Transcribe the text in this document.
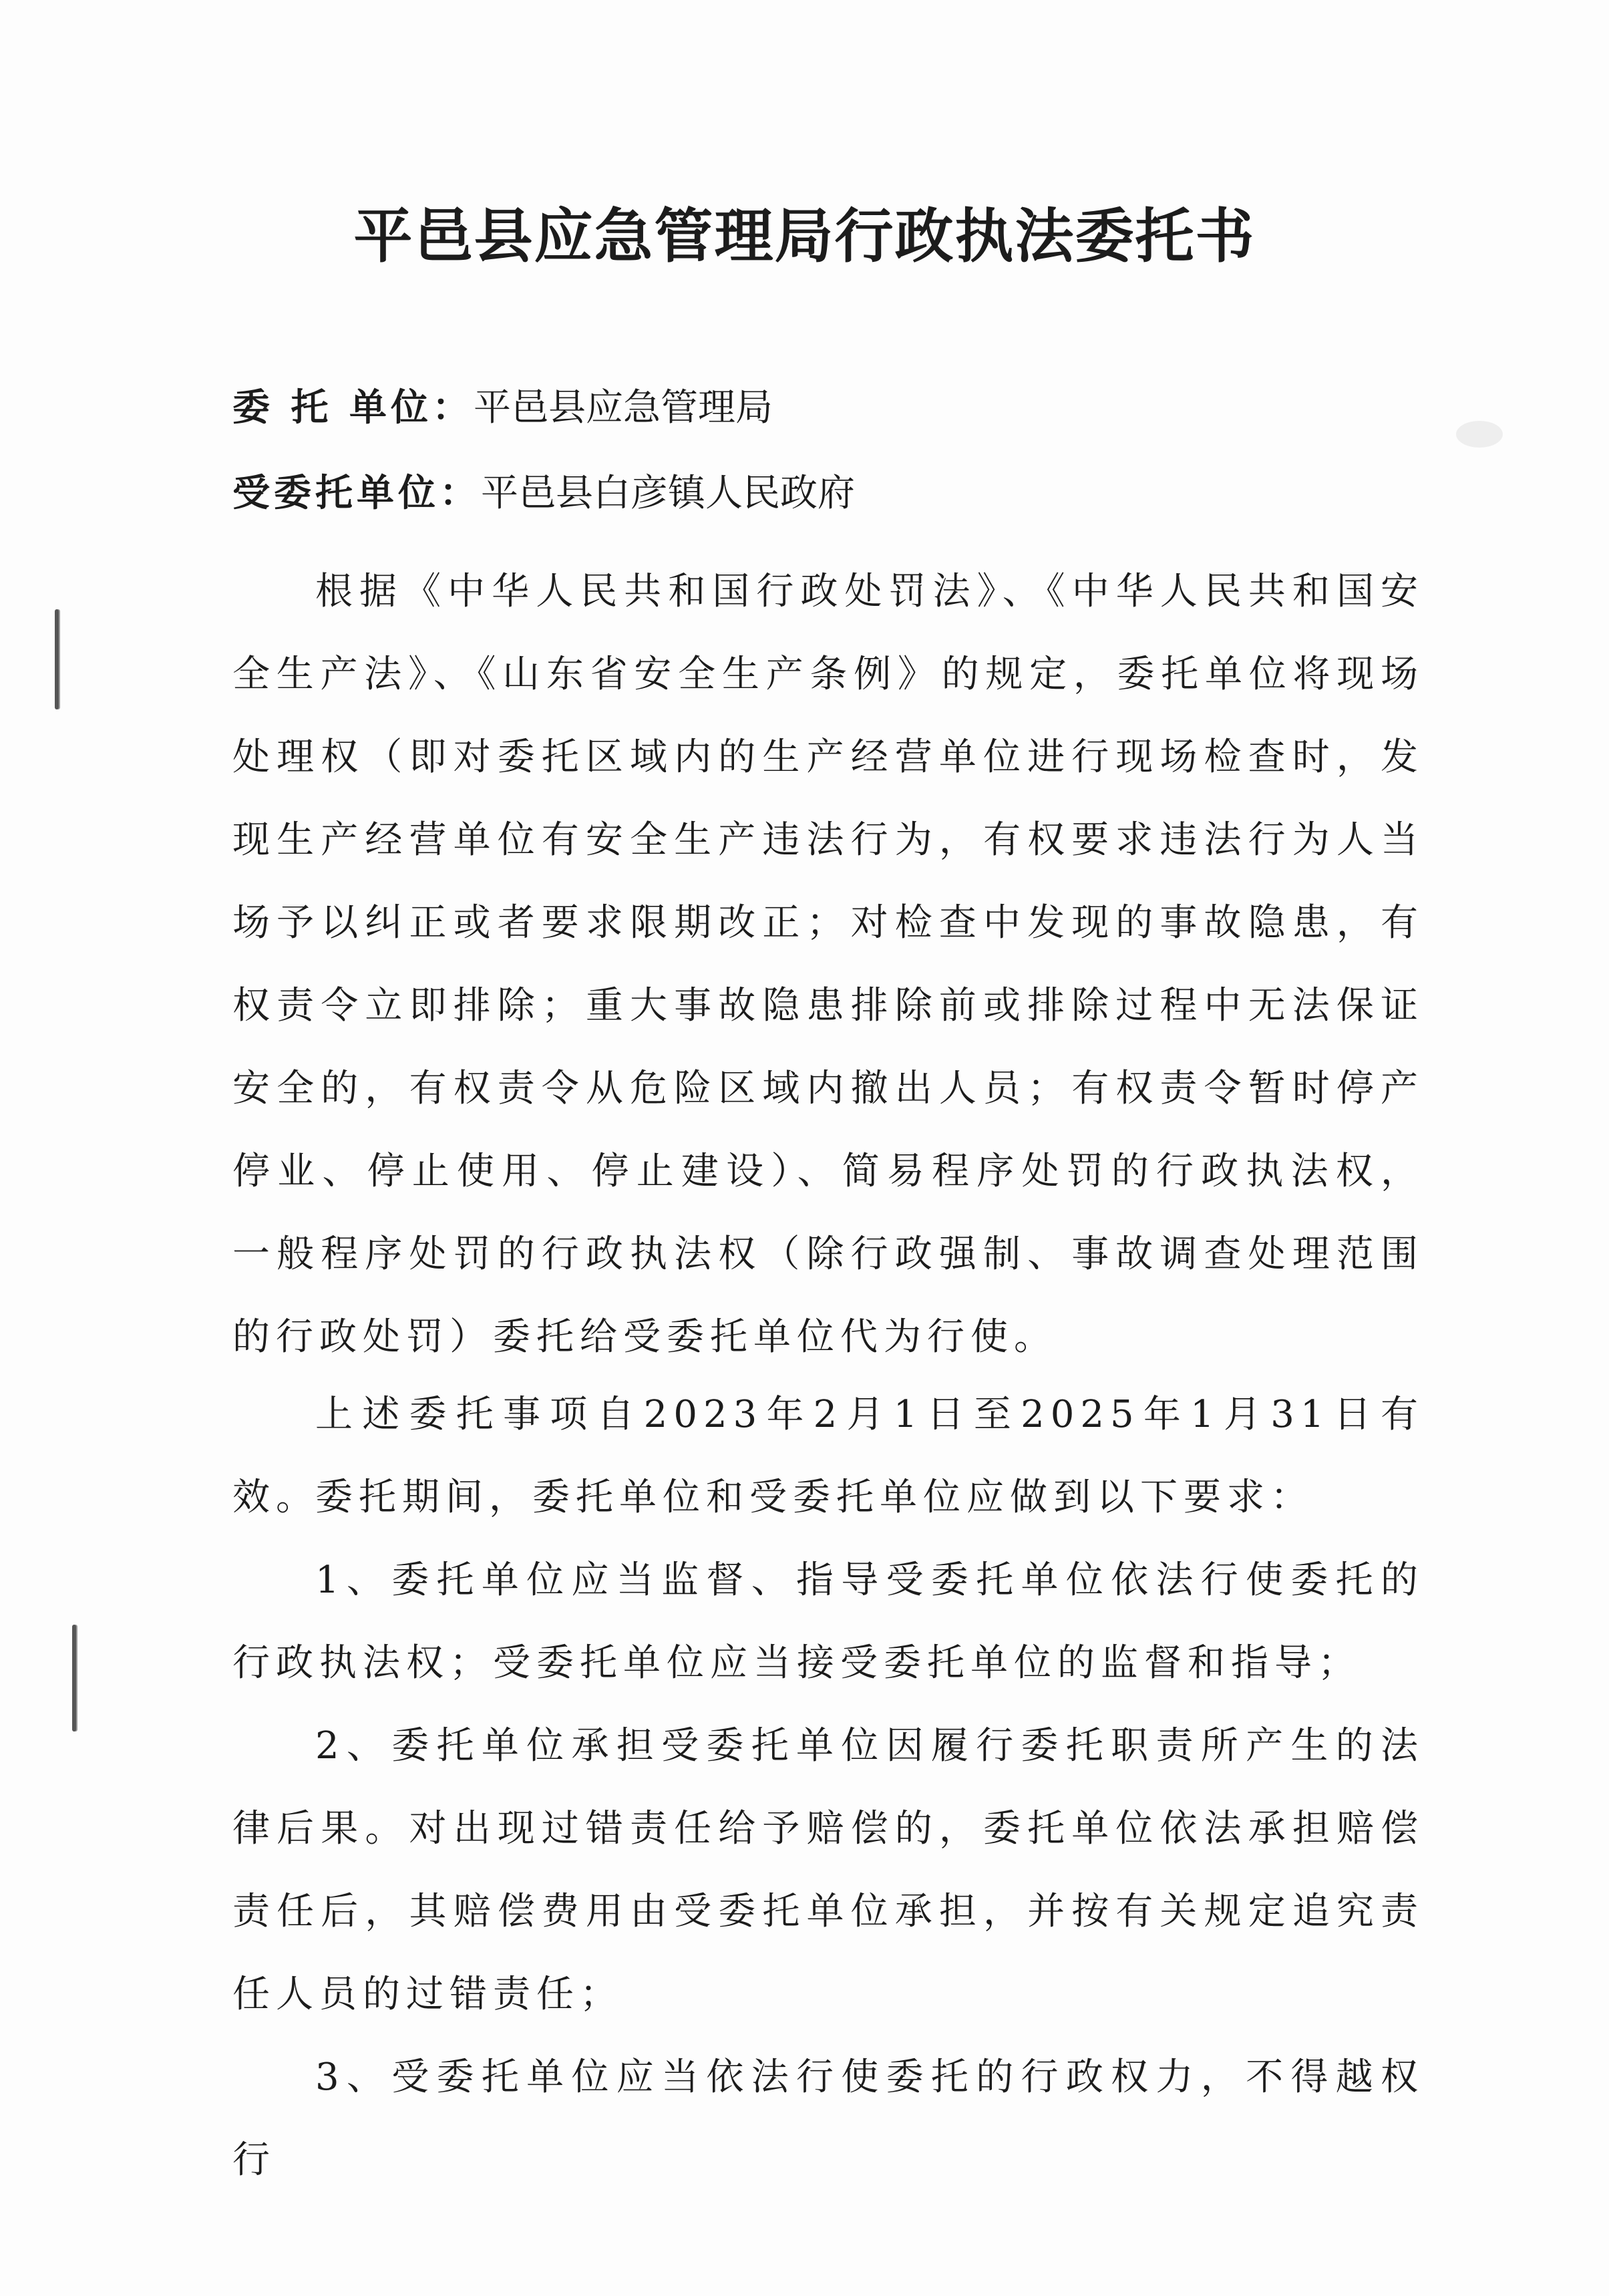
平邑县应急管理局行政执法委托书
委 托 单位：平邑县应急管理局
受委托单位：平邑县白彦镇人民政府

根据《中华人民共和国行政处罚法》、《中华人民共和国安全生产法》、《山东省安全生产条例》的规定，委托单位将现场处理权（即对委托区域内的生产经营单位进行现场检查时，发现生产经营单位有安全生产违法行为，有权要求违法行为人当场予以纠正或者要求限期改正；对检查中发现的事故隐患，有权责令立即排除；重大事故隐患排除前或排除过程中无法保证安全的，有权责令从危险区域内撤出人员；有权责令暂时停产停业、停止使用、停止建设）、简易程序处罚的行政执法权，一般程序处罚的行政执法权（除行政强制、事故调查处理范围的行政处罚）委托给受委托单位代为行使。

上述委托事项自2023年2月1日至2025年1月31日有效。

委托期间，委托单位和受委托单位应做到以下要求：

1、委托单位应当监督、指导受委托单位依法行使委托的行政执法权；受委托单位应当接受委托单位的监督和指导；

2、委托单位承担受委托单位因履行委托职责所产生的法律后果。对出现过错责任给予赔偿的，委托单位依法承担赔偿责任后，其赔偿费用由受委托单位承担，并按有关规定追究责任人员的过错责任；

3、受委托单位应当依法行使委托的行政权力，不得越权行
